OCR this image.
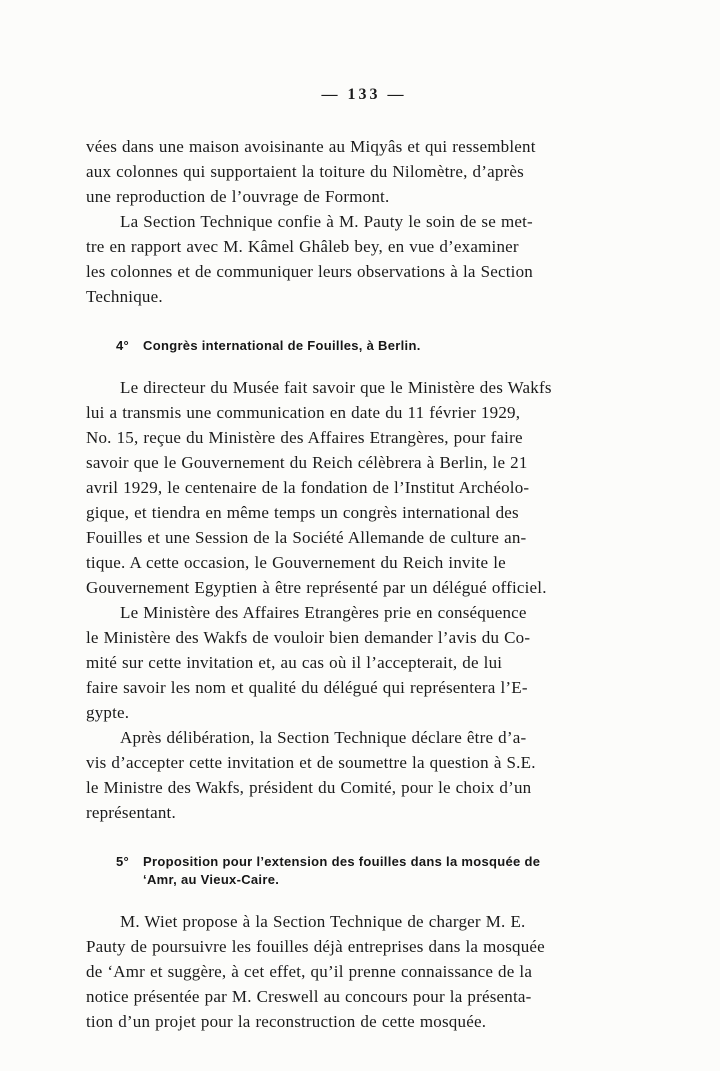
— 133 —

vées dans une maison avoisinante au Miqyâs et qui ressemblent
aux colonnes qui supportaient la toiture du Nilomètre, d’après
une reproduction de l’ouvrage de Formont.

La Section Technique confie à M. Pauty le soin de se met-
tre en rapport avec M. Kâmel Ghâleb bey, en vue d’examiner
les colonnes et de communiquer leurs observations à la Section
Technique.

4° Congrès international de Fouilles, à Berlin.

Le directeur du Musée fait savoir que le Ministère des Wakfs
lui a transmis une communication en date du 11 février 1929,
No. 15, reçue du Ministère des Affaires Etrangères, pour faire
savoir que le Gouvernement du Reich célèbrera à Berlin, le 21
avril 1929, le centenaire de la fondation de l’Institut Archéolo-
gique, et tiendra en même temps un congrès international des
Fouilles et une Session de la Société Allemande de culture an-
tique. A cette occasion, le Gouvernement du Reich invite le
Gouvernement Egyptien à être représenté par un délégué officiel.

Le Ministère des Affaires Etrangères prie en conséquence
le Ministère des Wakfs de vouloir bien demander l’avis du Co-
mité sur cette invitation et, au cas où il l’accepterait, de lui
faire savoir les nom et qualité du délégué qui représentera l’E-
gypte.

Après délibération, la Section Technique déclare être d’a-
vis d’accepter cette invitation et de soumettre la question à S.E.
le Ministre des Wakfs, président du Comité, pour le choix d’un
représentant.

5° Proposition pour l’extension des fouilles dans la mosquée de
‘Amr, au Vieux-Caire.

M. Wiet propose à la Section Technique de charger M. E.
Pauty de poursuivre les fouilles déjà entreprises dans la mosquée
de ‘Amr et suggère, à cet effet, qu’il prenne connaissance de la
notice présentée par M. Creswell au concours pour la présenta-
tion d’un projet pour la reconstruction de cette mosquée.
